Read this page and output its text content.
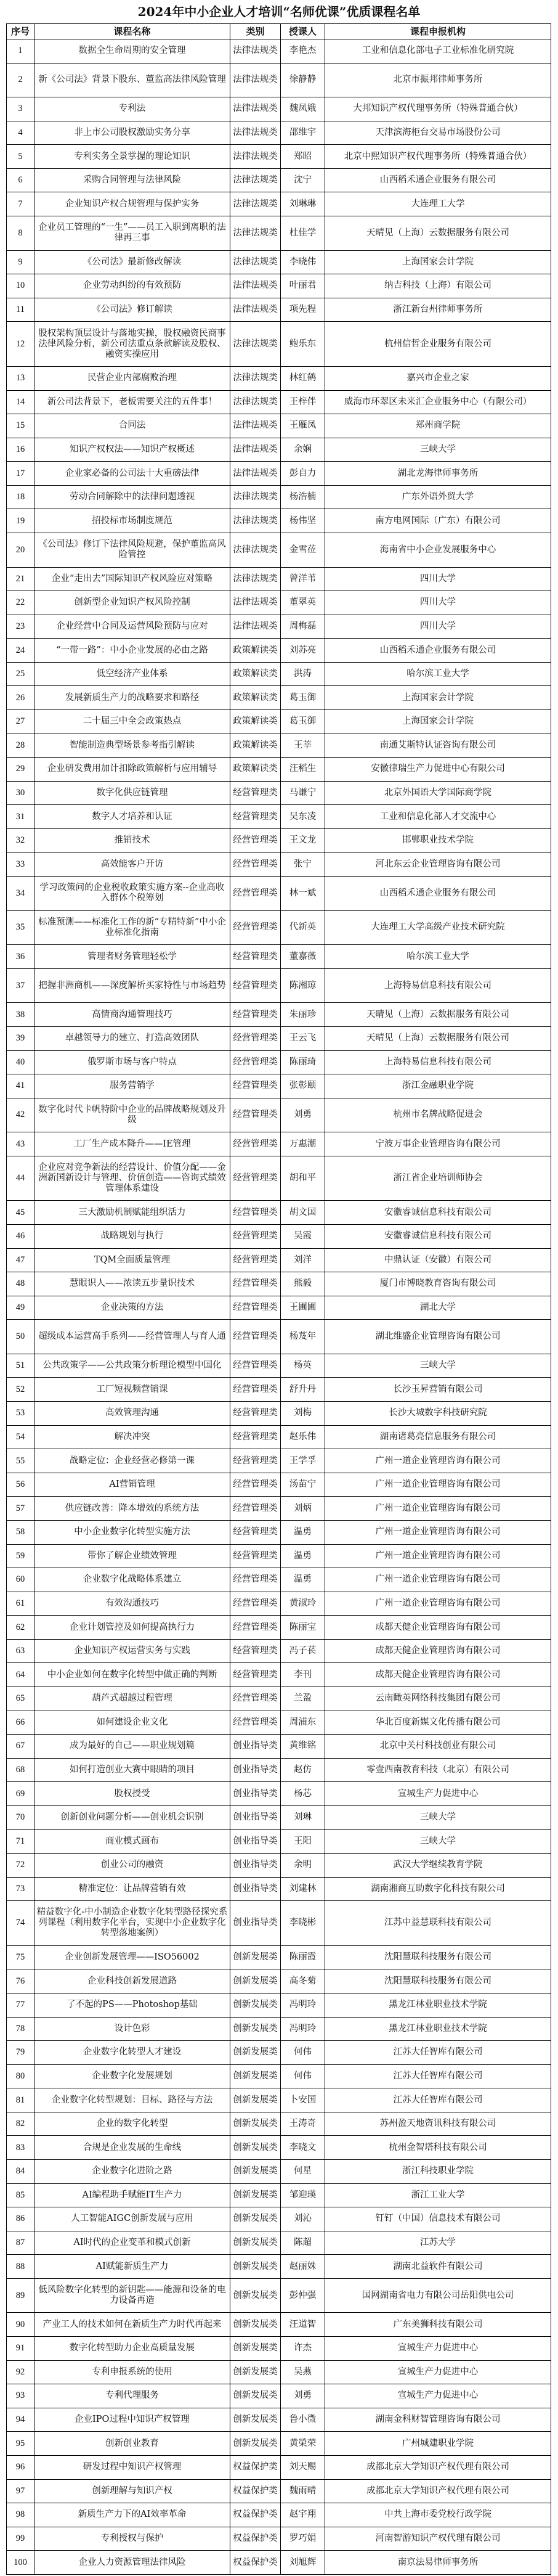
2024年中小企业人才培训“名师优课”优质课程名单
序号	课程名称	类别	授课人	课程申报机构
1	数据全生命周期的安全管理	法律法规类	李艳杰	工业和信息化部电子工业标准化研究院
2	新《公司法》背景下股东、董监高法律风险管理	法律法规类	徐静静	北京市振邦律师事务所
3	专利法	法律法规类	魏凤娥	大邦知识产权代理事务所（特殊普通合伙）
4	非上市公司股权激励实务分享	法律法规类	邵维宇	天津滨海柜台交易市场股份公司
5	专利实务全景掌握的理论知识	法律法规类	郑昭	北京中熙知识产权代理事务所（特殊普通合伙）
6	采购合同管理与法律风险	法律法规类	沈宁	山西稻禾通企业服务有限公司
7	企业知识产权合规管理与保护实务	法律法规类	刘琳琳	大连理工大学
8	企业员工管理的“一生”——员工入职到离职的法律再三事	法律法规类	杜佳学	天晴见（上海）云数据服务有限公司
9	《公司法》最新修改解读	法律法规类	李晓伟	上海国家会计学院
10	企业劳动纠纷的有效预防	法律法规类	叶丽君	纳吉科技（上海）有限公司
11	《公司法》修订解读	法律法规类	项先程	浙江新台州律师事务所
12	股权架构顶层设计与落地实操，股权融资民商事法律风险分析，新公司法重点条款解读及股权、融资实操应用	法律法规类	鲍乐东	杭州信哲企业服务有限公司
13	民营企业内部腐败治理	法律法规类	林红鹤	嘉兴市企业之家
14	新公司法背景下，老板需要关注的五件事！	法律法规类	王梓伴	威海市环翠区未来汇企业服务中心（有限公司）
15	合同法	法律法规类	王雁凤	郑州商学院
16	知识产权权法——知识产权概述	法律法规类	余娴	三峡大学
17	企业家必备的公司法十大重磅法律	法律法规类	彭自力	湖北龙海律师事务所
18	劳动合同解除中的法律问题透视	法律法规类	杨浩楠	广东外语外贸大学
19	招投标市场制度规范	法律法规类	杨伟坚	南方电网国际（广东）有限公司
20	《公司法》修订下法律风险规避，保护董监高风险管控	法律法规类	金雪莅	海南省中小企业发展服务中心
21	企业“走出去”国际知识产权风险应对策略	法律法规类	曾洋苇	四川大学
22	创新型企业知识产权风险控制	法律法规类	董翠英	四川大学
23	企业经营中合同及运营风险预防与应对	法律法规类	周梅磊	四川大学
24	“一带一路”：中小企业发展的必由之路	政策解读类	刘苏亮	山西稻禾通企业服务有限公司
25	低空经济产业体系	政策解读类	洪涛	哈尔滨工业大学
26	发展新质生产力的战略要求和路径	政策解读类	葛玉御	上海国家会计学院
27	二十届三中全会政策热点	政策解读类	葛玉御	上海国家会计学院
28	智能制造典型场景参考指引解读	政策解读类	王莘	南通艾斯特认证咨询有限公司
29	企业研发费用加计扣除政策解析与应用辅导	政策解读类	汪稻生	安徽律瑞生产力促进中心有限公司
30	数字化供应链管理	经营管理类	马谦宁	北京外国语大学国际商学院
31	数字人才培养和认证	经营管理类	吴东凌	工业和信息化部人才交流中心
32	推销技术	经营管理类	王文龙	邯郸职业技术学院
33	高效能客户开访	经营管理类	张宁	河北东云企业管理咨询有限公司
34	学习政策问的企业税收政策实施方案--企业高收入群体个税筹划	经营管理类	林一斌	山西稻禾通企业服务有限公司
35	标准预测——标准化工作的新“专精特新”中小企业标准化指南	经营管理类	代新英	大连理工大学高级产业技术研究院
36	管理者财务管理轻松学	经营管理类	董嘉薇	哈尔滨工业大学
37	把握非洲商机——深度解析买家特性与市场趋势	经营管理类	陈湘琼	上海特易信息科技有限公司
38	高情商沟通管理技巧	经营管理类	朱丽珍	天晴见（上海）云数据服务有限公司
39	卓越领导力的建立、打造高效团队	经营管理类	王云飞	天晴见（上海）云数据服务有限公司
40	俄罗斯市场与客户特点	经营管理类	陈丽琦	上海特易信息科技有限公司
41	服务营销学	经营管理类	张彰颐	浙江金融职业学院
42	数字化时代卡帆特阶中企业的品牌战略规划及升级	经营管理类	刘勇	杭州市名牌战略促进会
43	工厂生产成本降升——IE管理	经营管理类	万惠潮	宁波万事企业管理咨询有限公司
44	企业应对竞争新法的经营设计、价值分配——金洲新国新设计与管理、价值创造——咨询式绩效管理体系建设	经营管理类	胡和平	浙江省企业培训师协会
45	三大激励机制赋能组织活力	经营管理类	胡文国	安徽睿诚信息科技有限公司
46	战略规划与执行	经营管理类	吴霞	安徽睿诚信息科技有限公司
47	TQM全面质量管理	经营管理类	刘洋	中鼎认证（安徽）有限公司
48	慧眼识人——浓读五步量识技术	经营管理类	熊毅	厦门市博晓教育咨询有限公司
49	企业决策的方法	经营管理类	王圃圃	湖北大学
50	超级成本运营高手系列——经营管理人与育人通	经营管理类	杨芨年	湖北维盛企业管理咨询有限公司
51	公共政策学——公共政策分析理论模型中国化	经营管理类	杨英	三峡大学
52	工厂短视频营销课	经营管理类	舒升丹	长沙玉昇营销有限公司
53	高效管理沟通	经营管理类	刘梅	长沙大城数字科技研究院
54	解决冲突	经营管理类	赵乐伟	湖南诸葛亮信息服务有限公司
55	战略定位：企业经营必修第一课	经营管理类	王学孚	广州一道企业管理咨询有限公司
56	AI营销管理	经营管理类	汤苗宁	广州一道企业管理咨询有限公司
57	供应链改善：降本增效的系统方法	经营管理类	刘炳	广州一道企业管理咨询有限公司
58	中小企业数字化转型实施方法	经营管理类	温勇	广州一道企业管理咨询有限公司
59	带你了解企业绩效管理	经营管理类	温勇	广州一道企业管理咨询有限公司
60	企业数字化战略体系建立	经营管理类	温勇	广州一道企业管理咨询有限公司
61	有效沟通技巧	经营管理类	黄淑玲	广州一道企业管理咨询有限公司
62	企业计划管控及如何提高执行力	经营管理类	陈丽宝	成都天健企业管理咨询有限公司
63	企业知识产权运营实务与实践	经营管理类	冯子苌	成都天健企业管理咨询有限公司
64	中小企业如何在数字化转型中做正确的判断	经营管理类	李刊	成都天健企业管理咨询有限公司
65	葫芦式超越过程管理	经营管理类	兰盈	云南瞰英网络科技集团有限公司
66	如何建设企业文化	经营管理类	周浦东	华北百度新媒文化传播有限公司
67	成为最好的自己——职业规划篇	创业指导类	黄维铭	北京中关村科技创业有限公司
68	如何打造创业大赛中眼睛的项目	创业指导类	赵仿	零壹西南教育科技（北京）有限公司
69	股权授受	创业指导类	杨芯	宣城生产力促进中心
70	创新创业问题分析——创业机会识别	创业指导类	刘琳	三峡大学
71	商业模式画布	创业指导类	王阳	三峡大学
72	创业公司的融资	创业指导类	余明	武汉大学继续教育学院
73	精准定位：让品牌营销有效	创业指导类	刘建林	湖南湘商互助数字化科技有限公司
74	精益数字化-中小制造企业数字化转型路径探究系列课程（利用数字化平台，实现中小企业数字化转型落地案例）	创业指导类	李晓彬	江苏中益慧联科技有限公司
75	企业创新发展管理——ISO56002	创新发展类	陈丽霞	沈阳慧联科技服务有限公司
76	企业科技创新发展道路	创新发展类	高冬菊	沈阳慧联科技服务有限公司
77	了不起的PS——Photoshop基础	创新发展类	冯明玲	黑龙江林业职业技术学院
78	设计色彩	创新发展类	冯明玲	黑龙江林业职业技术学院
79	企业数字化转型人才建设	创新发展类	何伟	江苏大任智库有限公司
80	企业数字化发展规划	创新发展类	何伟	江苏大任智库有限公司
81	企业数字化转型规划：目标、路径与方法	创新发展类	卜安国	江苏大任智库有限公司
82	企业的数字化转型	创新发展类	王涛奇	苏州盈天地资讯科技有限公司
83	合规是企业发展的生命线	创新发展类	李晓文	杭州金智塔科技有限公司
84	企业数字化进阶之路	创新发展类	何星	浙江科技职业学院
85	AI编程助手赋能IT生产力	创新发展类	邹迎瑛	浙江工业大学
86	人工智能AIGC创新发展与应用	创新发展类	刘沁	钉钉（中国）信息技术有限公司
87	AI时代的企业变革和模式创新	创新发展类	陈超	江苏大学
88	AI赋能新质生产力	创新发展类	赵丽姝	湖南北益软件有限公司
89	低风险数字化转型的新钥匙——能源和设备的电力设备再造	创新发展类	彭仲强	国网湖南省电力有限公司岳阳供电公司
90	产业工人的技术如何在新质生产力时代再起来	创新发展类	汪道智	广东美狮科技有限公司
91	数字化转型助力企业高质量发展	创新发展类	许杰	宣城生产力促进中心
92	专利申报系统的使用	创新发展类	吴燕	宣城生产力促进中心
93	专利代理服务	创新发展类	刘勇	宣城生产力促进中心
94	企业IPO过程中知识产权管理	创新发展类	鲁小微	湖南金科财智管理咨询有限公司
95	创新创业教育	创新发展类	黄榮荣	广州城建职业学院
96	研发过程中知识产权管理	权益保护类	刘天赐	成都北京大学知识产权代理有限公司
97	创新理解与知识产权	权益保护类	魏雨晴	成都北京大学知识产权代理有限公司
98	新质生产力下的AI效率革命	权益保护类	赵宇翔	中共上海市委党校行政学院
99	专利授权与保护	权益保护类	罗巧娟	河南智游知识产权代理有限公司
100	企业人力资源管理法律风险	权益保护类	刘旭辉	南京法易律师事务所
